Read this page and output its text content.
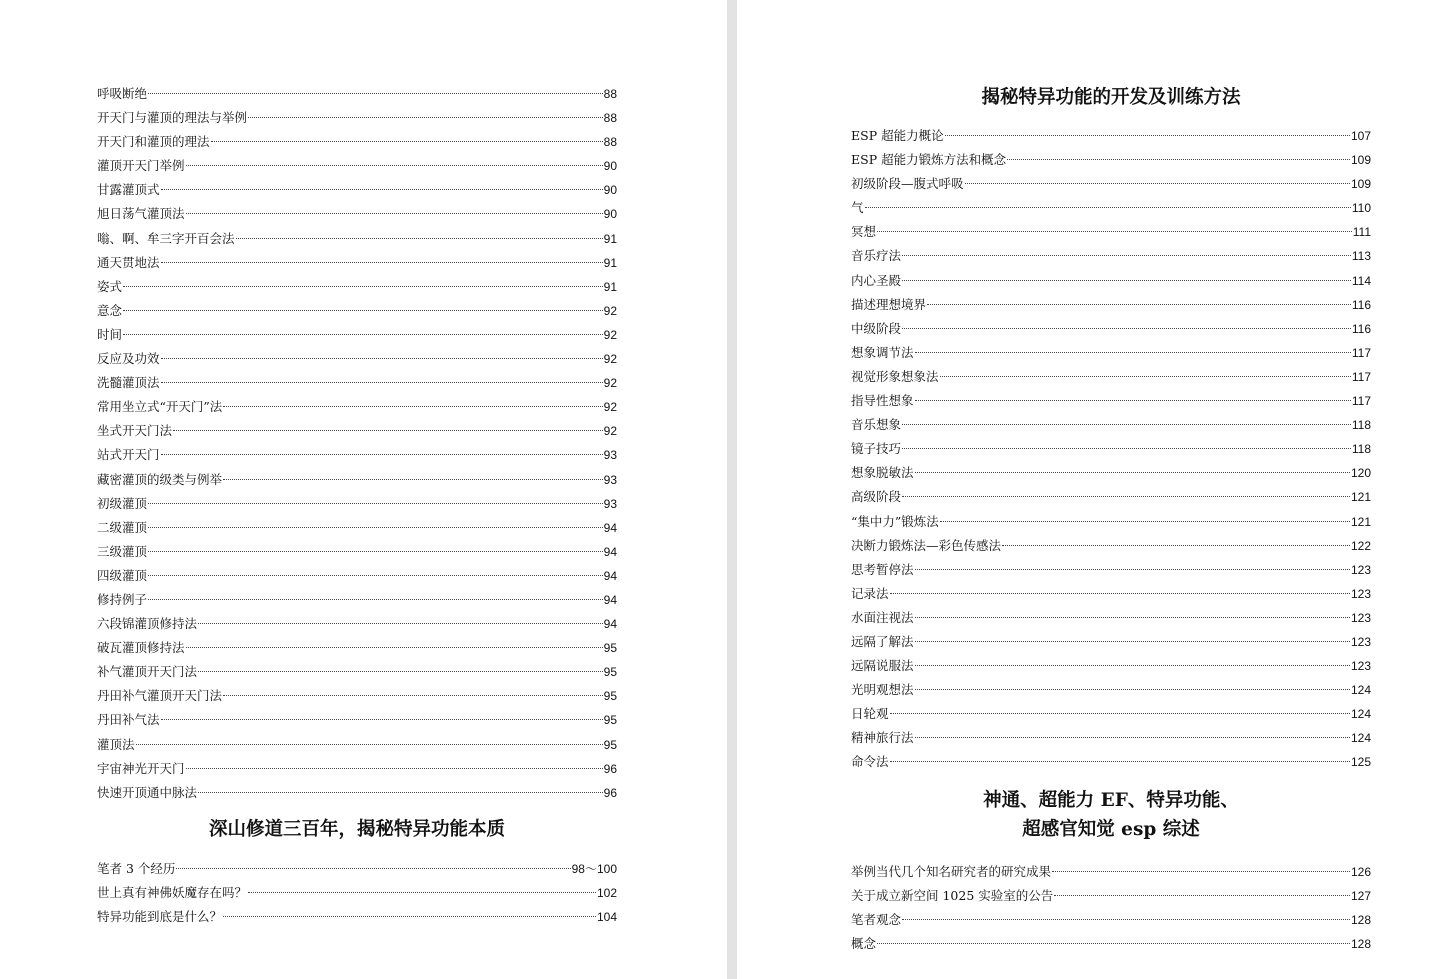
呼吸断绝	88
开天门与灌顶的理法与举例	88
开天门和灌顶的理法	88
灌顶开天门举例	90
甘露灌顶式	90
旭日荡气灌顶法	90
嗡、啊、牟三字开百会法	91
通天贯地法	91
姿式	91
意念	92
时间	92
反应及功效	92
洗髓灌顶法	92
常用坐立式“开天门”法	92
坐式开天门法	92
站式开天门	93
藏密灌顶的级类与例举	93
初级灌顶	93
二级灌顶	94
三级灌顶	94
四级灌顶	94
修持例子	94
六段锦灌顶修持法	94
破瓦灌顶修持法	95
补气灌顶开天门法	95
丹田补气灌顶开天门法	95
丹田补气法	95
灌顶法	95
宇宙神光开天门	96
快速开顶通中脉法	96
深山修道三百年，揭秘特异功能本质
笔者 3 个经历	98～100
世上真有神佛妖魔存在吗？	102
特异功能到底是什么？	104
揭秘特异功能的开发及训练方法
ESP 超能力概论	107
ESP 超能力锻炼方法和概念	109
初级阶段—腹式呼吸	109
气	110
冥想	111
音乐疗法	113
内心圣殿	114
描述理想境界	116
中级阶段	116
想象调节法	117
视觉形象想象法	117
指导性想象	117
音乐想象	118
镜子技巧	118
想象脱敏法	120
高级阶段	121
“集中力”锻炼法	121
决断力锻炼法—彩色传感法	122
思考暂停法	123
记录法	123
水面注视法	123
远隔了解法	123
远隔说服法	123
光明观想法	124
日轮观	124
精神旅行法	124
命令法	125
神通、超能力 EF、特异功能、
超感官知觉 esp 综述
举例当代几个知名研究者的研究成果	126
关于成立新空间 1025 实验室的公告	127
笔者观念	128
概念	128
